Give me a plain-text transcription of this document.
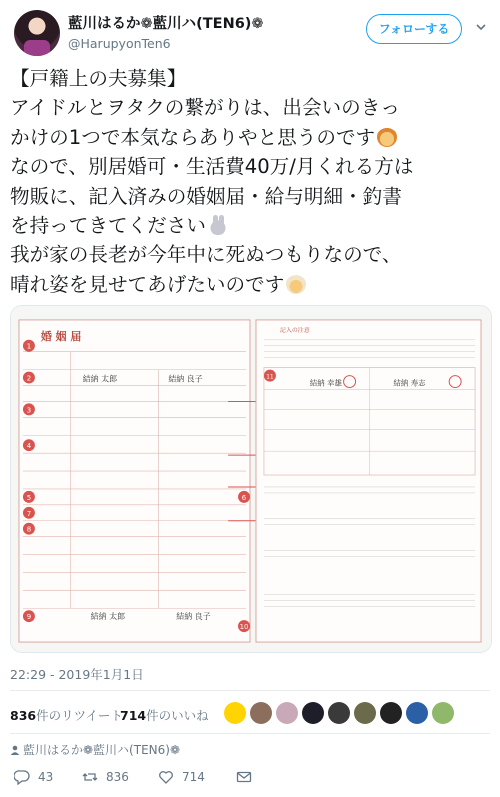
藍川はるか❁藍川ハ(TEN6)❁
@HarupyonTen6
フォローする

【戸籍上の夫募集】

アイドルとヲタクの繋がりは、出会いのきっ

かけの1つで本気ならありやと思うのです

なので、別居婚可・生活費40万/月くれる方は

物販に、記入済みの婚姻届・給与明細・釣書

を持ってきてください

我が家の長老が今年中に死ぬつもりなので、

晴れ姿を見せてあげたいのです

婚 姻 届
結納 太郎	結納 良子
結納 太郎	結納 良子
1
2
3
4
5
7
8
9
6
10
記入の注意
11
結納 幸雄	結納 寿志
22:29 - 2019年1月1日
836件のリツイート
714件のいいね
藍川はるか❁藍川ハ(TEN6)❁
43	836	714
